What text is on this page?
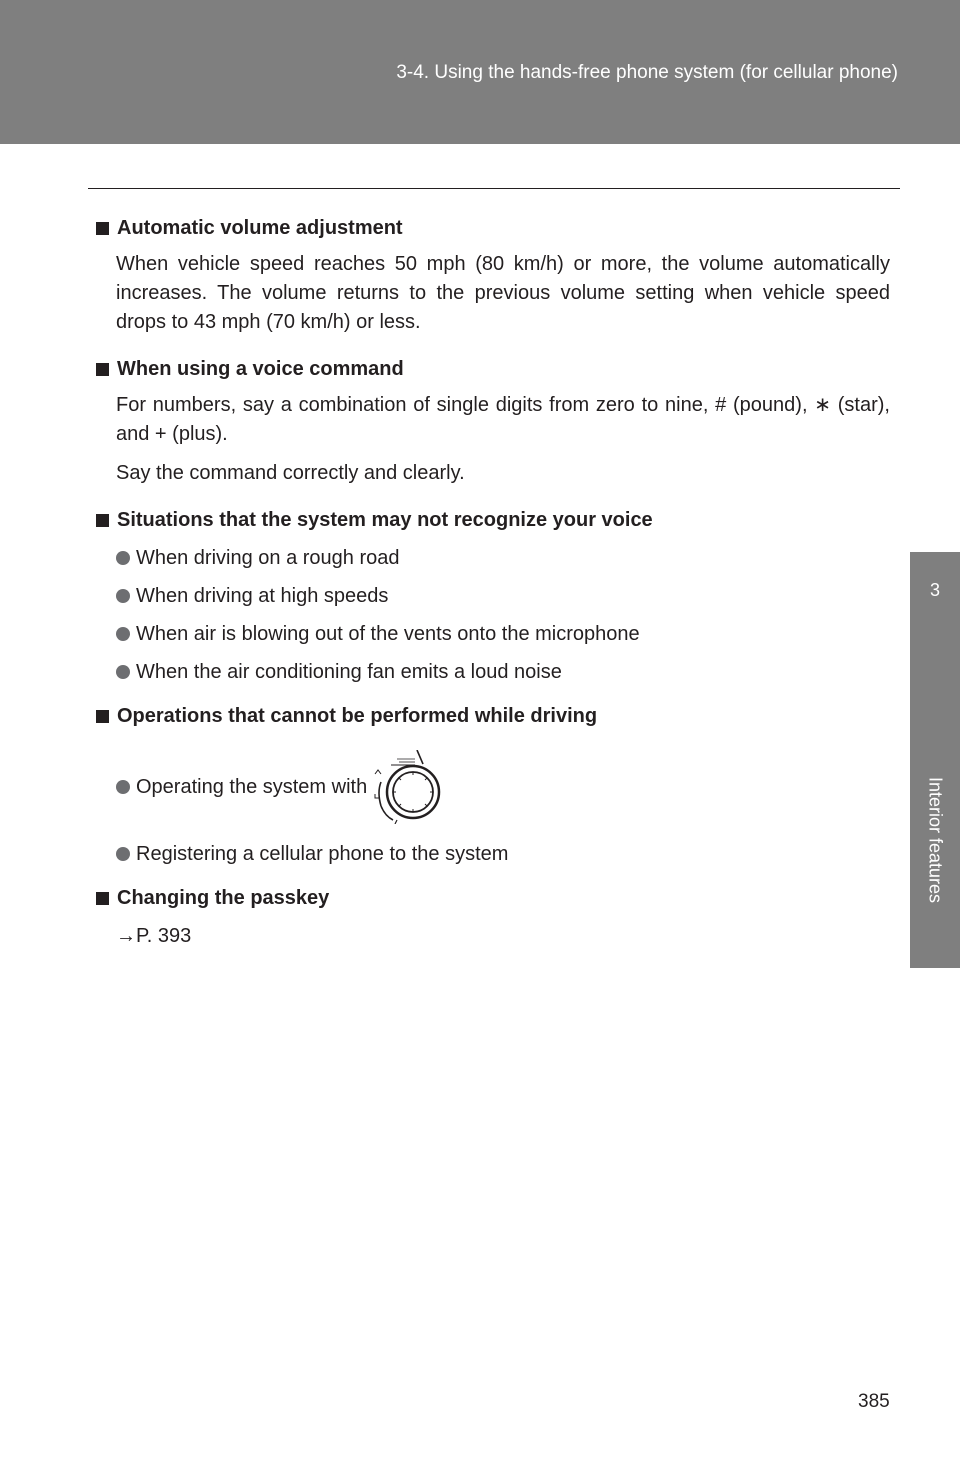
3-4. Using the hands-free phone system (for cellular phone)
3
Interior features
Automatic volume adjustment

When vehicle speed reaches 50 mph (80 km/h) or more, the volume automatically increases. The volume returns to the previous volume setting when vehicle speed drops to 43 mph (70 km/h) or less.

When using a voice command

For numbers, say a combination of single digits from zero to nine, # (pound), ∗ (star), and + (plus).

Say the command correctly and clearly.

Situations that the system may not recognize your voice
When driving on a rough road
When driving at high speeds
When air is blowing out of the vents onto the microphone
When the air conditioning fan emits a loud noise
Operations that cannot be performed while driving
Operating the system with
Registering a cellular phone to the system
Changing the passkey

→P. 393

385
